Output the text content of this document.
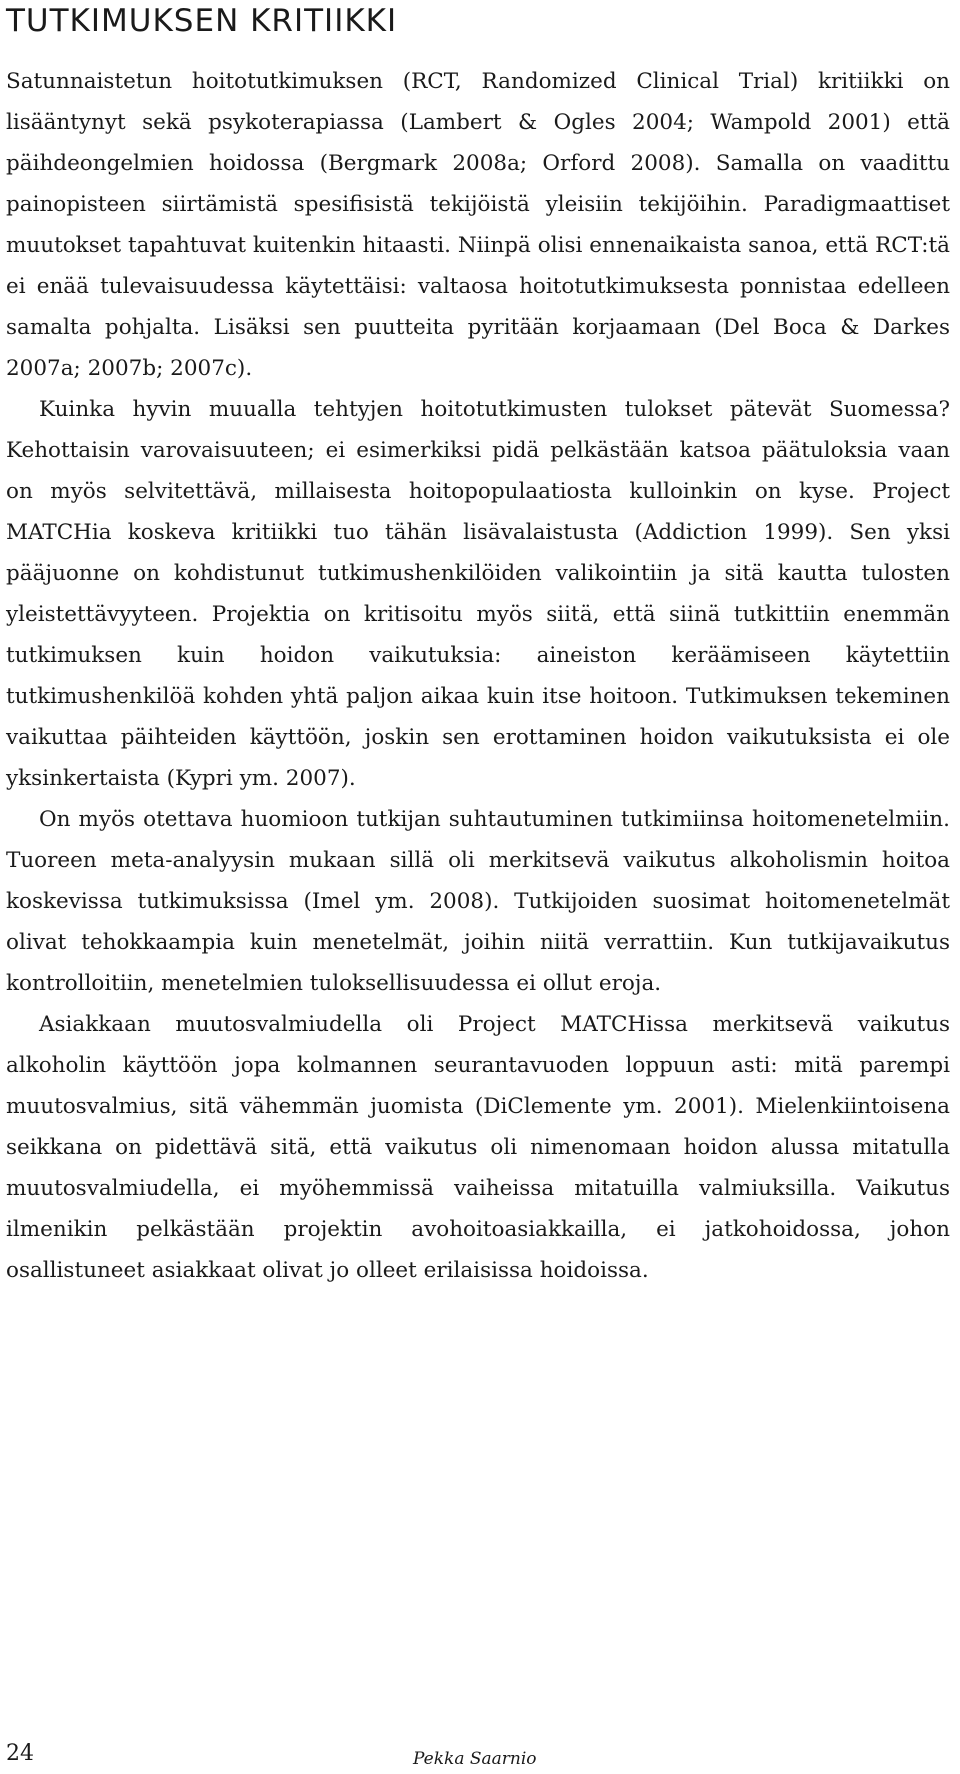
TUTKIMUKSEN KRITIIKKI

Satunnaistetun hoitotutkimuksen (RCT, Randomized Clinical Trial) kritiikki on lisääntynyt sekä psykoterapiassa (Lambert & Ogles 2004; Wampold 2001) että päihdeongelmien hoidossa (Bergmark 2008a; Orford 2008). Samalla on vaadittu painopisteen siirtämistä spesifisistä tekijöistä yleisiin tekijöihin. Paradigmaattiset muutokset tapahtuvat kuitenkin hitaasti. Niinpä olisi ennenaikaista sanoa, että RCT:tä ei enää tulevaisuudessa käytettäisi: valtaosa hoitotutkimuksesta ponnistaa edelleen samalta pohjalta. Lisäksi sen puutteita pyritään korjaamaan (Del Boca & Darkes 2007a; 2007b; 2007c).

Kuinka hyvin muualla tehtyjen hoitotutkimusten tulokset pätevät Suomessa? Kehottaisin varovaisuuteen; ei esimerkiksi pidä pelkästään katsoa päätuloksia vaan on myös selvitettävä, millaisesta hoitopopulaatiosta kulloinkin on kyse. Project MATCHia koskeva kritiikki tuo tähän lisävalaistusta (Addiction 1999). Sen yksi pääjuonne on kohdistunut tutkimushenkilöiden valikointiin ja sitä kautta tulosten yleistettävyyteen. Projektia on kritisoitu myös siitä, että siinä tutkittiin enemmän tutkimuksen kuin hoidon vaikutuksia: aineiston keräämiseen käytettiin tutkimushenkilöä kohden yhtä paljon aikaa kuin itse hoitoon. Tutkimuksen tekeminen vaikuttaa päihteiden käyttöön, joskin sen erottaminen hoidon vaikutuksista ei ole yksinkertaista (Kypri ym. 2007).

On myös otettava huomioon tutkijan suhtautuminen tutkimiinsa hoitomenetelmiin. Tuoreen meta-analyysin mukaan sillä oli merkitsevä vaikutus alkoholismin hoitoa koskevissa tutkimuksissa (Imel ym. 2008). Tutkijoiden suosimat hoitomenetelmät olivat tehokkaampia kuin menetelmät, joihin niitä verrattiin. Kun tutkijavaikutus kontrolloitiin, menetelmien tuloksellisuudessa ei ollut eroja.

Asiakkaan muutosvalmiudella oli Project MATCHissa merkitsevä vaikutus alkoholin käyttöön jopa kolmannen seurantavuoden loppuun asti: mitä parempi muutosvalmius, sitä vähemmän juomista (DiClemente ym. 2001). Mielenkiintoisena seikkana on pidettävä sitä, että vaikutus oli nimenomaan hoidon alussa mitatulla muutosvalmiudella, ei myöhemmissä vaiheissa mitatuilla valmiuksilla. Vaikutus ilmenikin pelkästään projektin avohoitoasiakkailla, ei jatkohoidossa, johon osallistuneet asiakkaat olivat jo olleet erilaisissa hoidoissa.

24	Pekka Saarnio
